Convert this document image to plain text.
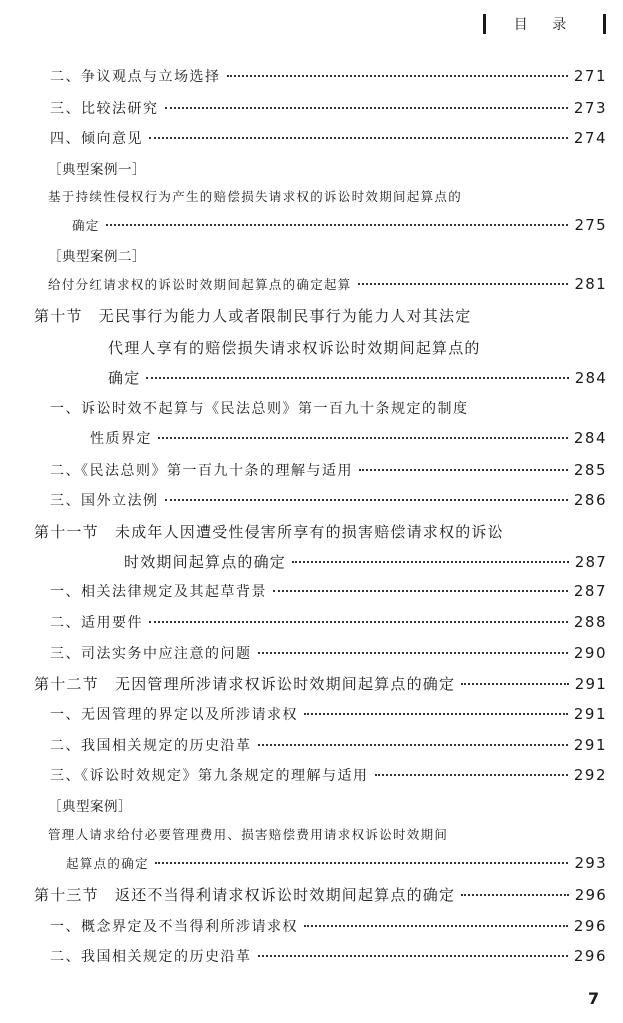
目 录
二、争议观点与立场选择	271
三、比较法研究	273
四、倾向意见	274
［典型案例一］
基于持续性侵权行为产生的赔偿损失请求权的诉讼时效期间起算点的
确定	275
［典型案例二］
给付分红请求权的诉讼时效期间起算点的确定起算	281
第十节　无民事行为能力人或者限制民事行为能力人对其法定
代理人享有的赔偿损失请求权诉讼时效期间起算点的
确定	284
一、诉讼时效不起算与《民法总则》第一百九十条规定的制度
性质界定	284
二、《民法总则》第一百九十条的理解与适用	285
三、国外立法例	286
第十一节　未成年人因遭受性侵害所享有的损害赔偿请求权的诉讼
时效期间起算点的确定	287
一、相关法律规定及其起草背景	287
二、适用要件	288
三、司法实务中应注意的问题	290
第十二节　无因管理所涉请求权诉讼时效期间起算点的确定	291
一、无因管理的界定以及所涉请求权	291
二、我国相关规定的历史沿革	291
三、《诉讼时效规定》第九条规定的理解与适用	292
［典型案例］
管理人请求给付必要管理费用、损害赔偿费用请求权诉讼时效期间
起算点的确定	293
第十三节　返还不当得利请求权诉讼时效期间起算点的确定	296
一、概念界定及不当得利所涉请求权	296
二、我国相关规定的历史沿革	296
7
